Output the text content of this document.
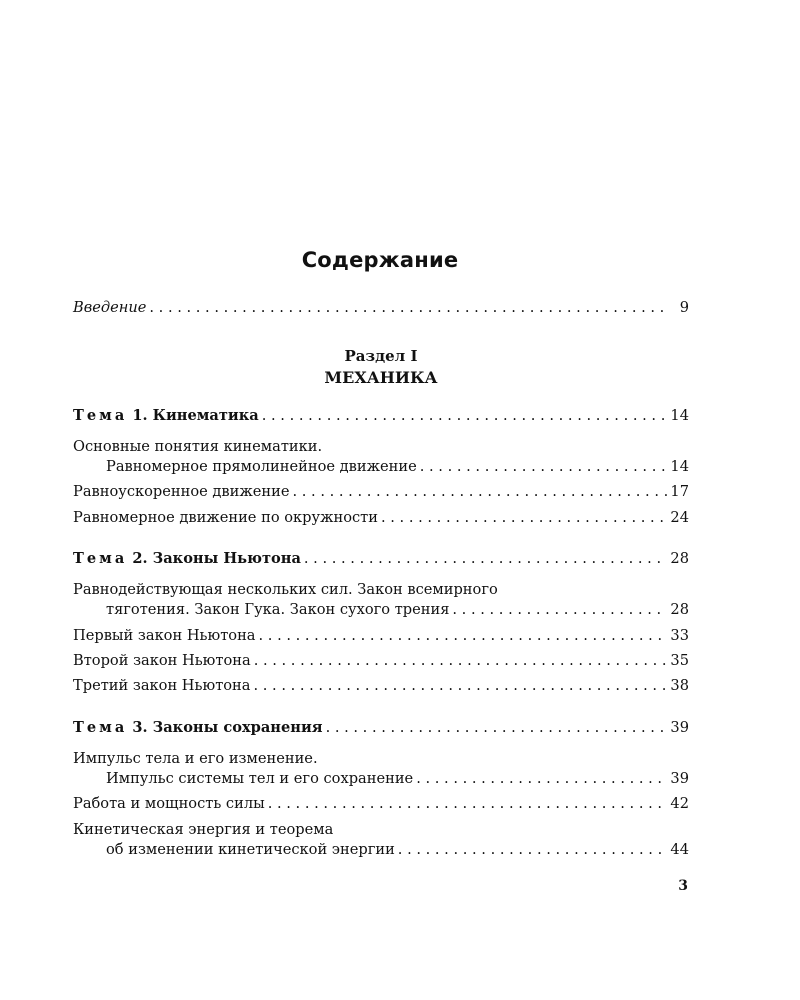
Содержание
Введение . . .	9
Раздел I
МЕХАНИКА
Тема 1. Кинематика . . .	14
Основные понятия кинематики.
Равномерное прямолинейное движение . . .	14
Равноускоренное движение . . .	17
Равномерное движение по окружности . . .	24
Тема 2. Законы Ньютона . . .	28
Равнодействующая нескольких сил. Закон всемирного
тяготения. Закон Гука. Закон сухого трения . . .	28
Первый закон Ньютона . . .	33
Второй закон Ньютона . . .	35
Третий закон Ньютона . . .	38
Тема 3. Законы сохранения . . .	39
Импульс тела и его изменение.
Импульс системы тел и его сохранение . . .	39
Работа и мощность силы . . .	42
Кинетическая энергия и теорема
об изменении кинетической энергии . . .	44
3
